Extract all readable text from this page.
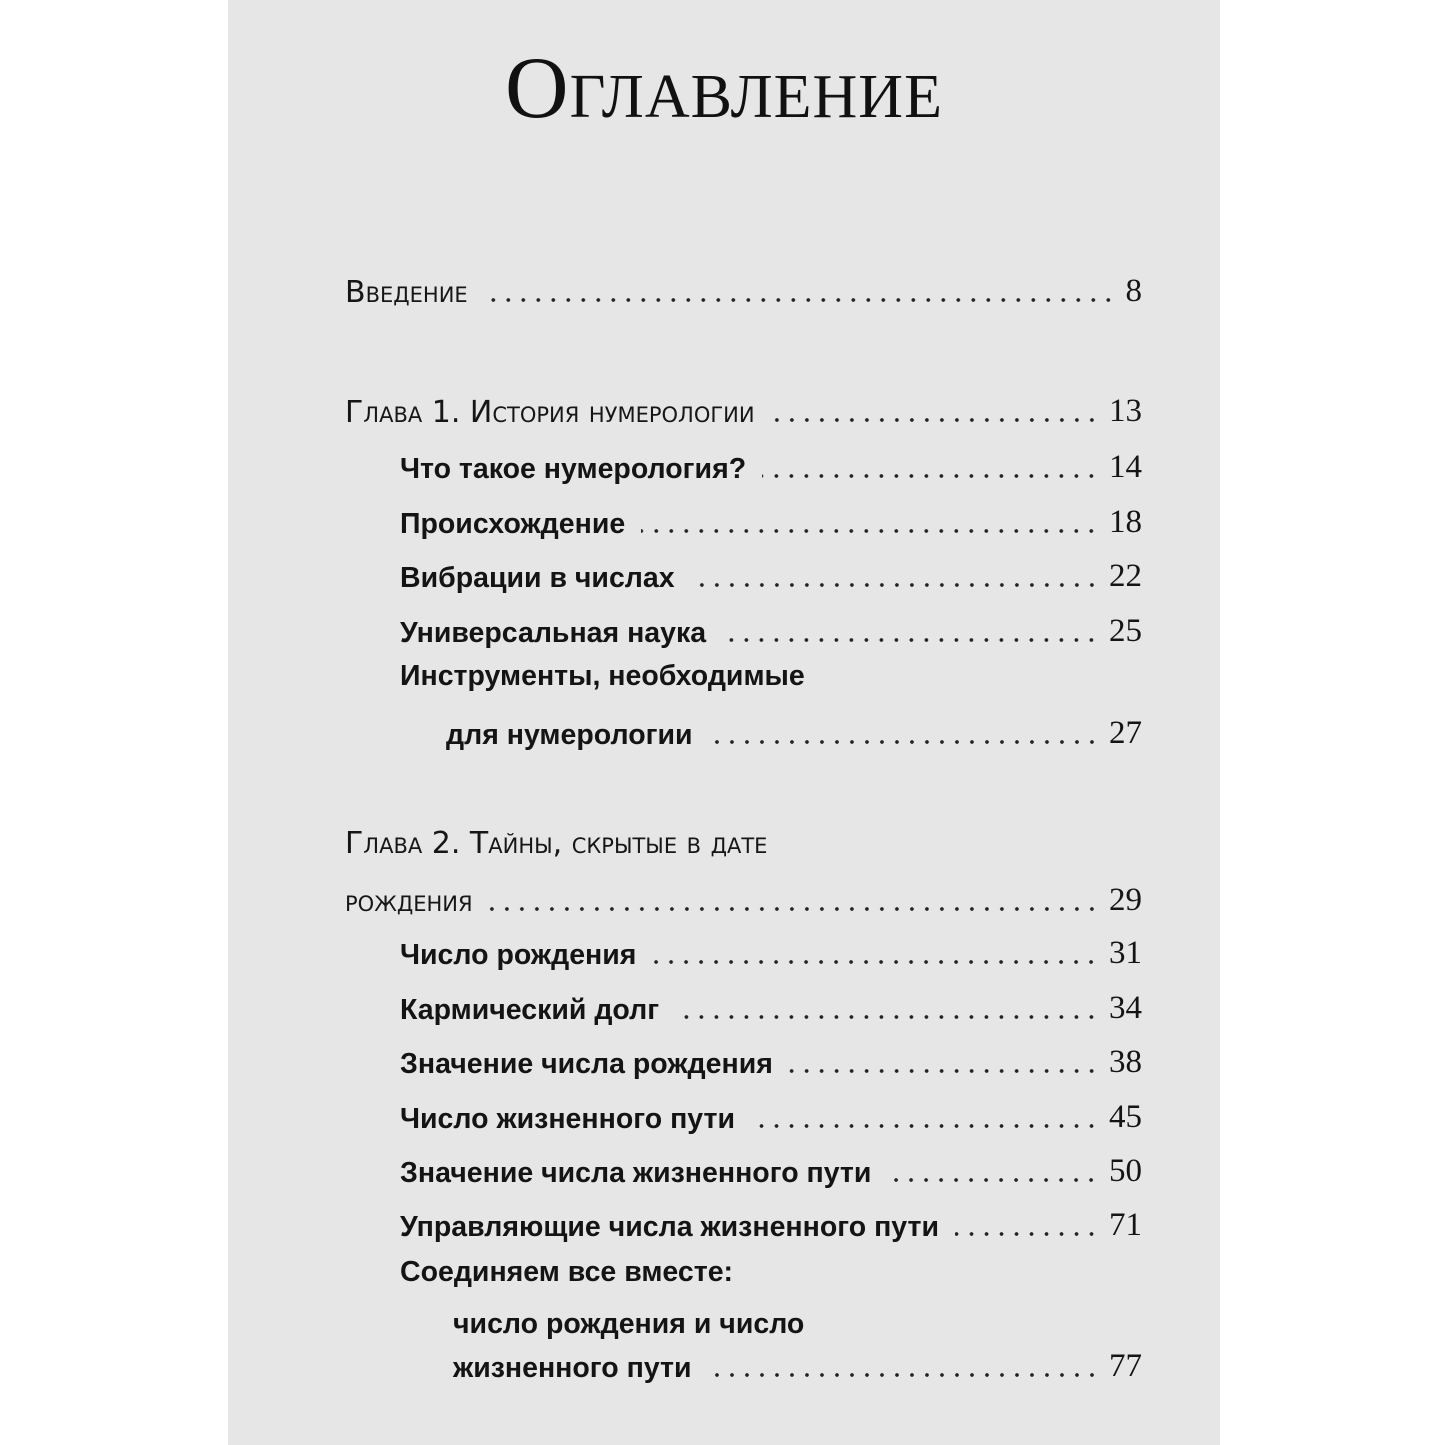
Оглавление
Введение	8
Глава 1. История нумерологии	13
Что такое нумерология?	14
Происхождение	18
Вибрации в числах	22
Универсальная наука	25
Инструменты, необходимые
для нумерологии	27
Глава 2. Тайны, скрытые в дате
рождения	29
Число рождения	31
Кармический долг	34
Значение числа рождения	38
Число жизненного пути	45
Значение числа жизненного пути	50
Управляющие числа жизненного пути	71
Соединяем все вместе:
число рождения и число
жизненного пути	77
